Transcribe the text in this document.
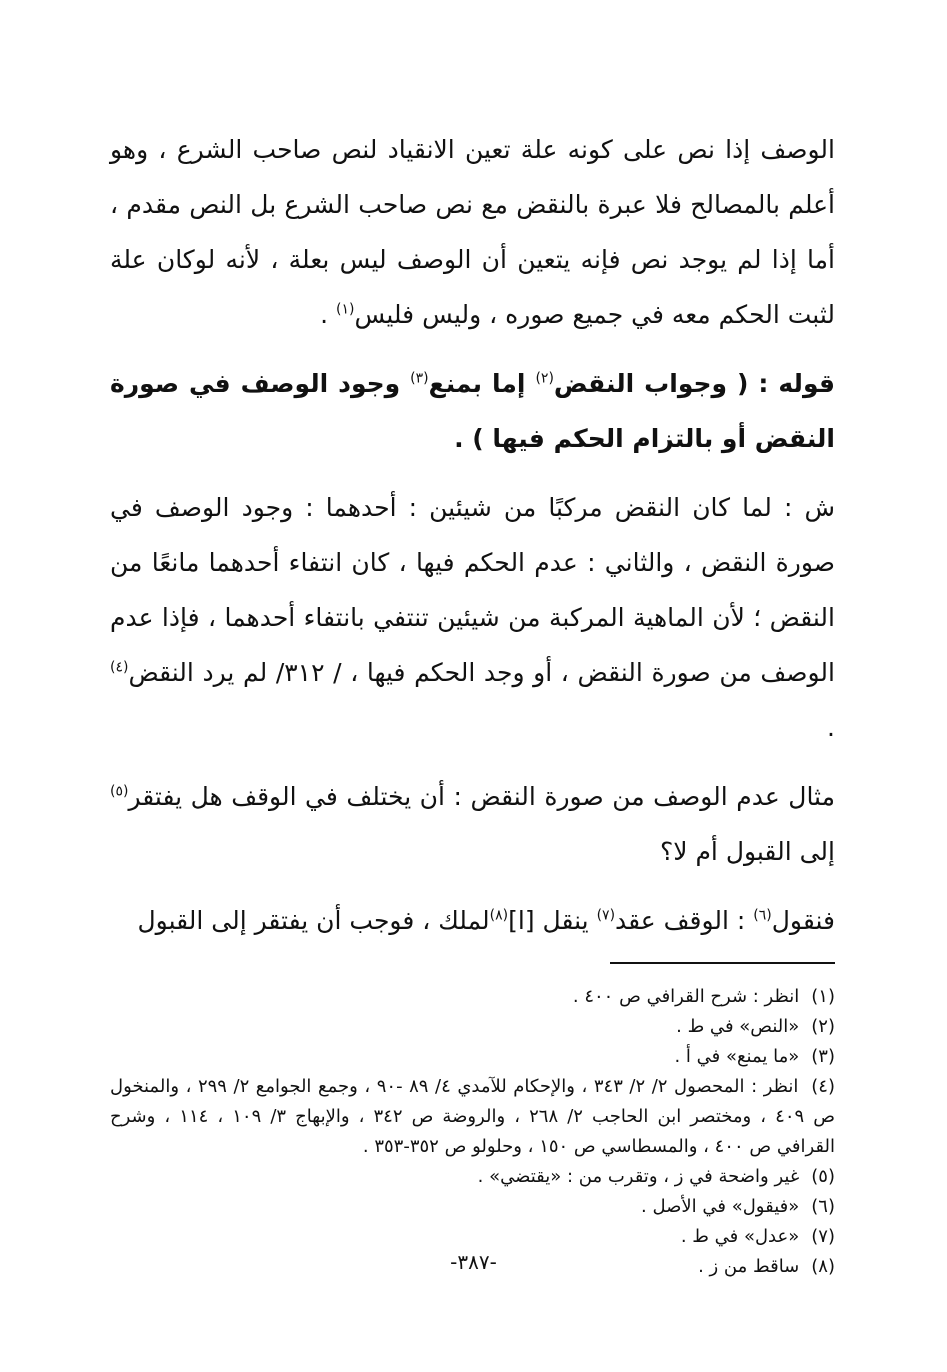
الوصف إذا نص على كونه علة تعين الانقياد لنص صاحب الشرع ، وهو أعلم بالمصالح فلا عبرة بالنقض مع نص صاحب الشرع بل النص مقدم ، أما إذا لم يوجد نص فإنه يتعين أن الوصف ليس بعلة ، لأنه لوكان علة لثبت الحكم معه في جميع صوره ، وليس فليس$^{(١)}$ .

قوله : ( وجواب النقض$^{(٢)}$ إما بمنع$^{(٣)}$ وجود الوصف في صورة النقض أو بالتزام الحكم فيها ) .

ش : لما كان النقض مركبًا من شيئين : أحدهما : وجود الوصف في صورة النقض ، والثاني : عدم الحكم فيها ، كان انتفاء أحدهما مانعًا من النقض ؛ لأن الماهية المركبة من شيئين تنتفي بانتفاء أحدهما ، فإذا عدم الوصف من صورة النقض ، أو وجد الحكم فيها ، / ٣١٢/ لم يرد النقض$^{(٤)}$ .

مثال عدم الوصف من صورة النقض : أن يختلف في الوقف هل يفتقر$^{(٥)}$ إلى القبول أم لا؟

فنقول$^{(٦)}$ : الوقف عقد$^{(٧)}$ ينقل [ا]$^{(٨)}$لملك ، فوجب أن يفتقر إلى القبول

(١) انظر : شرح القرافي ص ٤٠٠ .
(٢) «النص» في ط .
(٣) «ما يمنع» في أ .
(٤) انظر : المحصول ٢/ ٢/ ٣٤٣ ، والإحكام للآمدي ٤/ ٨٩ -٩٠ ، وجمع الجوامع ٢/ ٢٩٩ ، والمنخول ص ٤٠٩ ، ومختصر ابن الحاجب ٢/ ٢٦٨ ، والروضة ص ٣٤٢ ، والإبهاج ٣/ ١٠٩ ، ١١٤ ، وشرح القرافي ص ٤٠٠ ، والمسطاسي ص ١٥٠ ، وحلولو ص ٣٥٢-٣٥٣ .
(٥) غير واضحة في ز ، وتقرب من : «يقتضي» .
(٦) «فيقول» في الأصل .
(٧) «عدل» في ط .
(٨) ساقط من ز .
-٣٨٧-
